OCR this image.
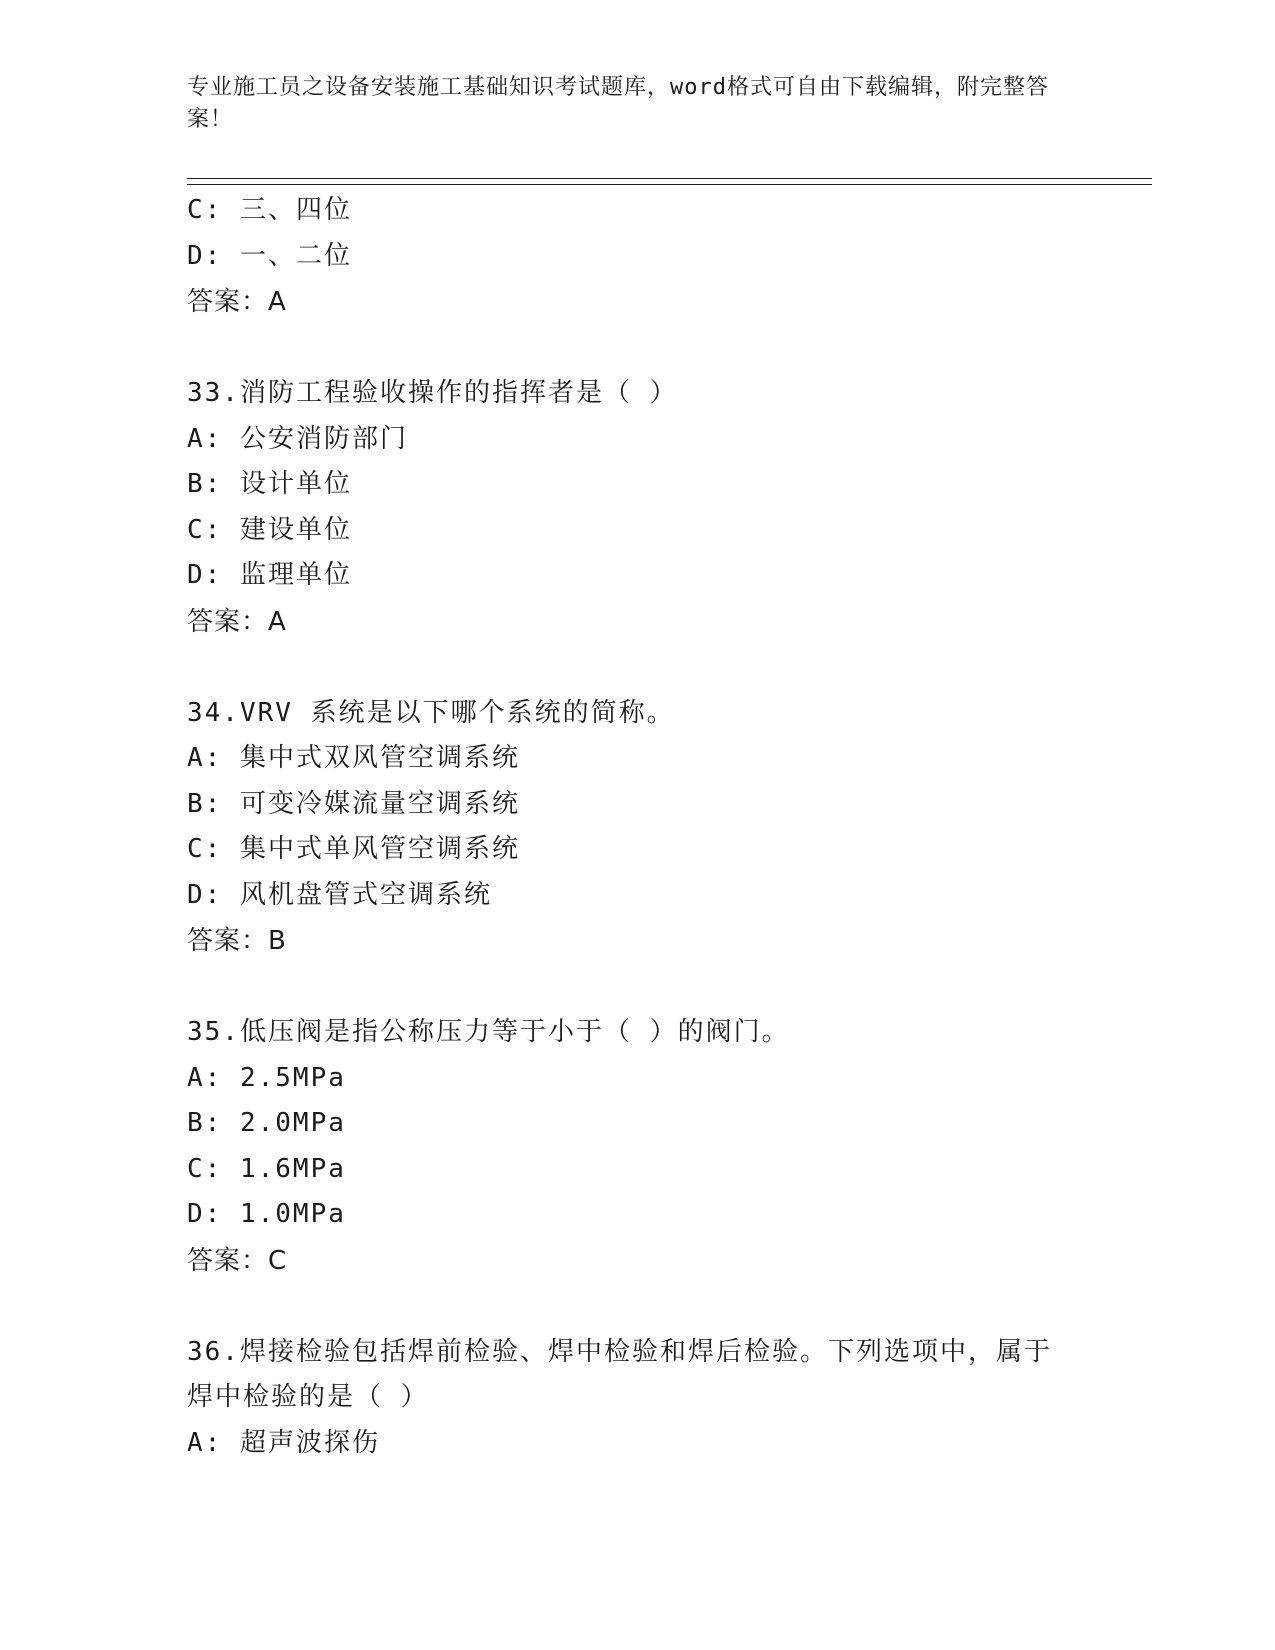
专业施工员之设备安装施工基础知识考试题库，word格式可自由下载编辑，附完整答案！
C: 三、四位
D: 一、二位
答案：A
33.消防工程验收操作的指挥者是（ ）
A: 公安消防部门
B: 设计单位
C: 建设单位
D: 监理单位
答案：A
34.VRV 系统是以下哪个系统的简称。
A: 集中式双风管空调系统
B: 可变冷媒流量空调系统
C: 集中式单风管空调系统
D: 风机盘管式空调系统
答案：B
35.低压阀是指公称压力等于小于（ ）的阀门。
A: 2.5MPa
B: 2.0MPa
C: 1.6MPa
D: 1.0MPa
答案：C
36.焊接检验包括焊前检验、焊中检验和焊后检验。下列选项中，属于焊中检验的是（ ）
A: 超声波探伤
